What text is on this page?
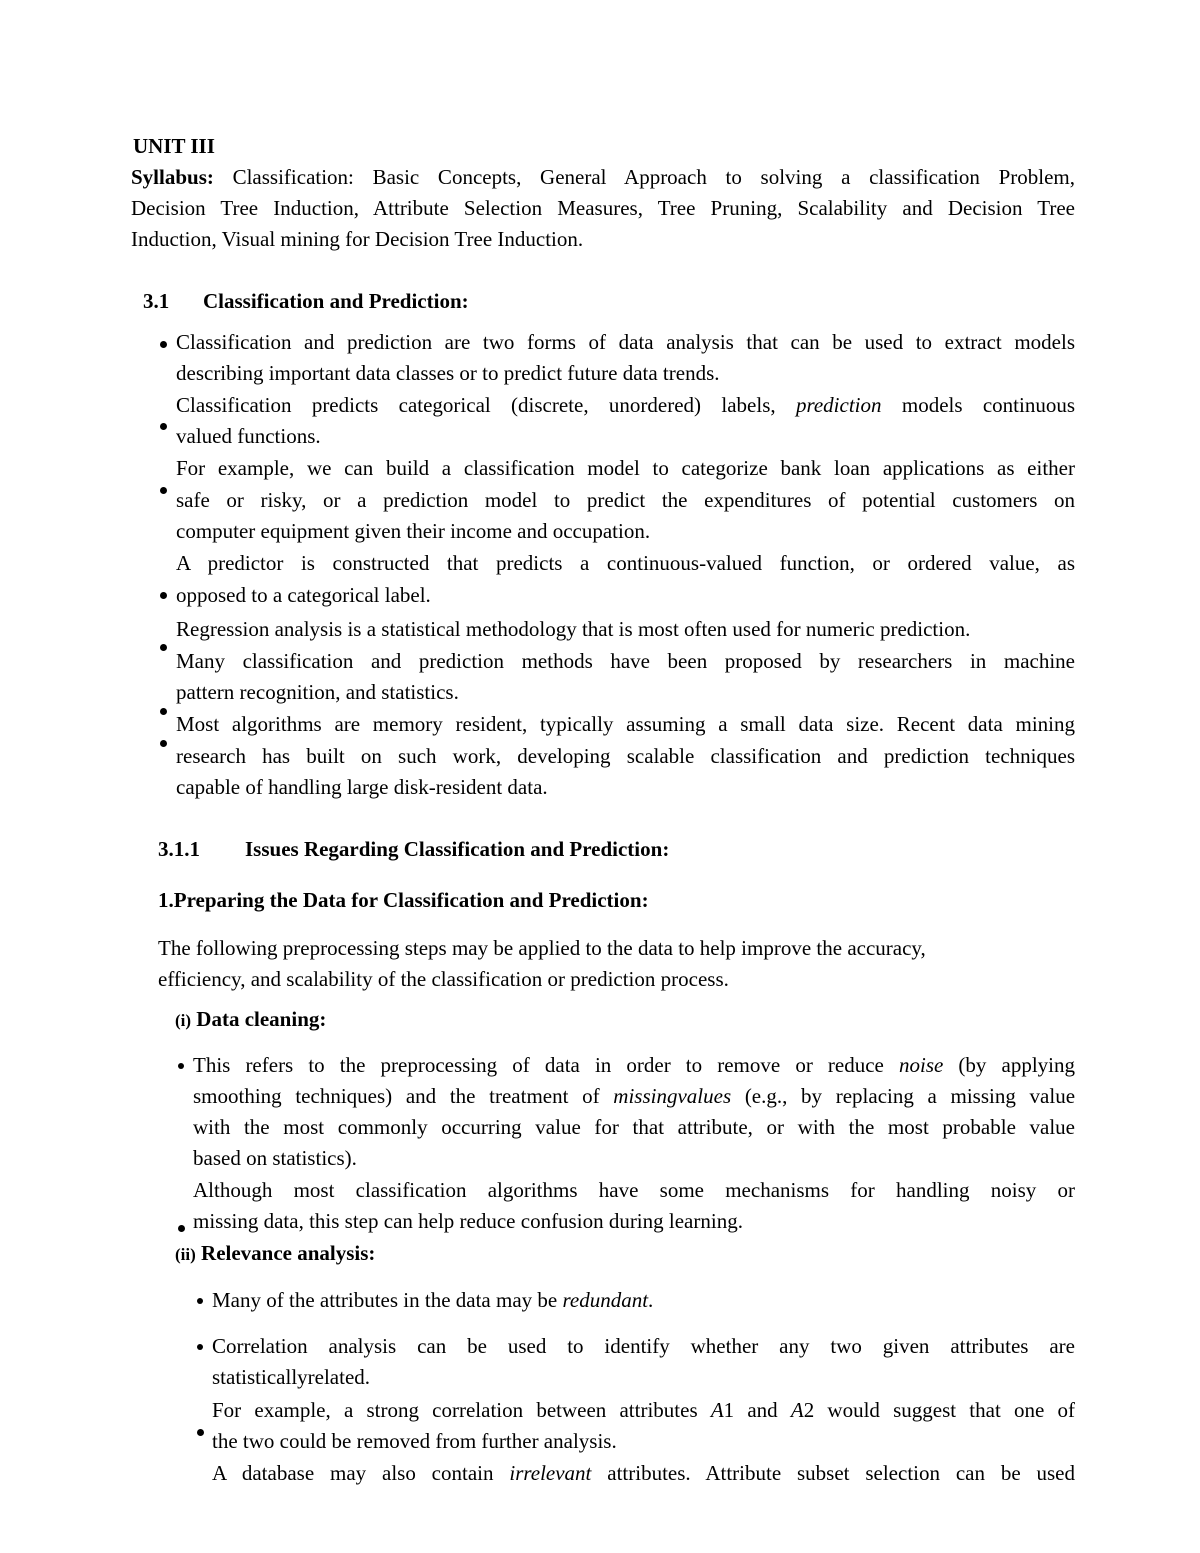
UNIT III
Syllabus: Classification: Basic Concepts, General Approach to solving a classification Problem,
Decision Tree Induction, Attribute Selection Measures, Tree Pruning, Scalability and Decision Tree
Induction, Visual mining for Decision Tree Induction.
3.1 Classification and Prediction:
Classification and prediction are two forms of data analysis that can be used to extract models
describing important data classes or to predict future data trends.
Classification predicts categorical (discrete, unordered) labels, prediction models continuous
valued functions.
For example, we can build a classification model to categorize bank loan applications as either
safe or risky, or a prediction model to predict the expenditures of potential customers on
computer equipment given their income and occupation.
A predictor is constructed that predicts a continuous-valued function, or ordered value, as
opposed to a categorical label.
Regression analysis is a statistical methodology that is most often used for numeric prediction.
Many classification and prediction methods have been proposed by researchers in machine
pattern recognition, and statistics.
Most algorithms are memory resident, typically assuming a small data size. Recent data mining
research has built on such work, developing scalable classification and prediction techniques
capable of handling large disk-resident data.
3.1.1 Issues Regarding Classification and Prediction:
1.Preparing the Data for Classification and Prediction:
The following preprocessing steps may be applied to the data to help improve the accuracy,
efficiency, and scalability of the classification or prediction process.
(i) Data cleaning:
This refers to the preprocessing of data in order to remove or reduce noise (by applying
smoothing techniques) and the treatment of missingvalues (e.g., by replacing a missing value
with the most commonly occurring value for that attribute, or with the most probable value
based on statistics).
Although most classification algorithms have some mechanisms for handling noisy or
missing data, this step can help reduce confusion during learning.
(ii) Relevance analysis:
Many of the attributes in the data may be redundant.
Correlation analysis can be used to identify whether any two given attributes are
statisticallyrelated.
For example, a strong correlation between attributes A1 and A2 would suggest that one of
the two could be removed from further analysis.
A database may also contain irrelevant attributes. Attribute subset selection can be used
